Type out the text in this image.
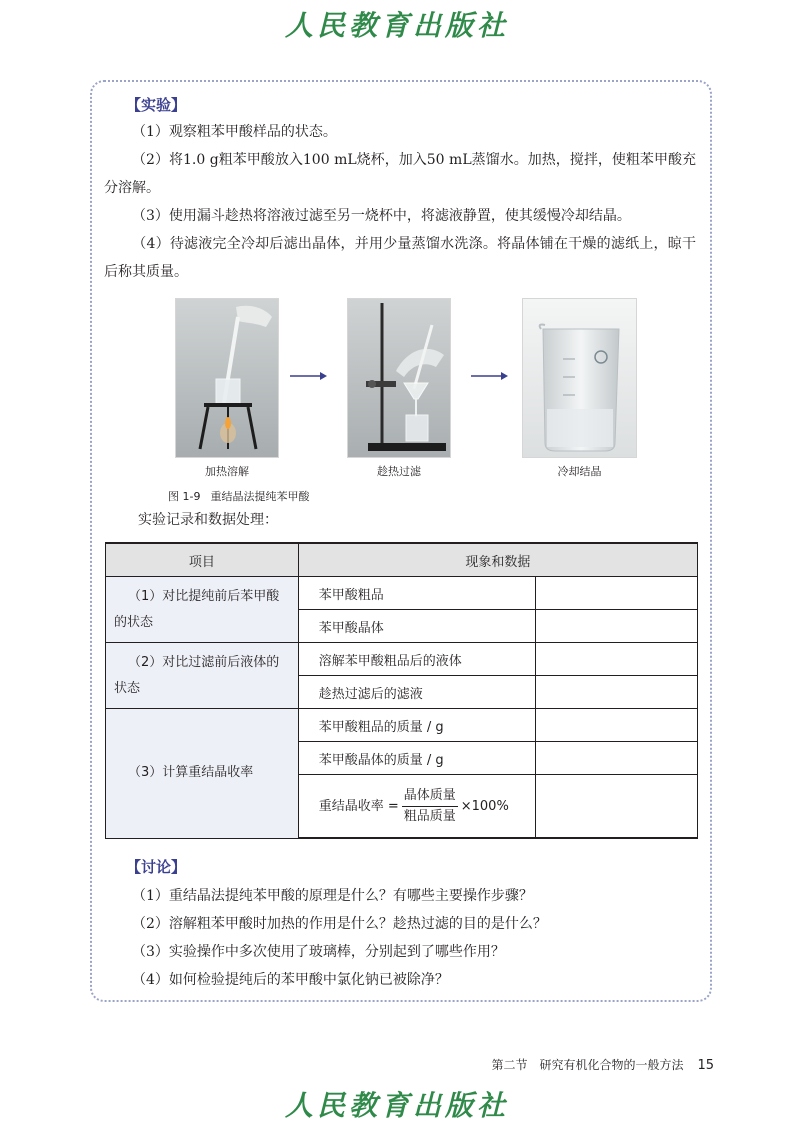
人民教育出版社
【实验】
（1）观察粗苯甲酸样品的状态。
（2）将1.0 g粗苯甲酸放入100 mL烧杯，加入50 mL蒸馏水。加热，搅拌，使粗苯甲酸充分溶解。
（3）使用漏斗趁热将溶液过滤至另一烧杯中，将滤液静置，使其缓慢冷却结晶。
（4）待滤液完全冷却后滤出晶体，并用少量蒸馏水洗涤。将晶体铺在干燥的滤纸上，晾干后称其质量。
加热溶解	趁热过滤	冷却结晶
图 1-9 重结晶法提纯苯甲酸
实验记录和数据处理：
项目	现象和数据	
（1）对比提纯前后苯甲酸的状态	苯甲酸粗品	
	苯甲酸晶体	
（2）对比过滤前后液体的状态	溶解苯甲酸粗品后的液体	
	趁热过滤后的滤液	
（3）计算重结晶收率	苯甲酸粗品的质量 / g	
	苯甲酸晶体的质量 / g	
	重结晶收率 = $\frac{\text{晶体质量}}{\text{粗品质量}} \times 100\%$	
【讨论】
（1）重结晶法提纯苯甲酸的原理是什么？有哪些主要操作步骤？
（2）溶解粗苯甲酸时加热的作用是什么？趁热过滤的目的是什么？
（3）实验操作中多次使用了玻璃棒，分别起到了哪些作用？
（4）如何检验提纯后的苯甲酸中氯化钠已被除净？
第二节　研究有机化合物的一般方法 15
人民教育出版社
